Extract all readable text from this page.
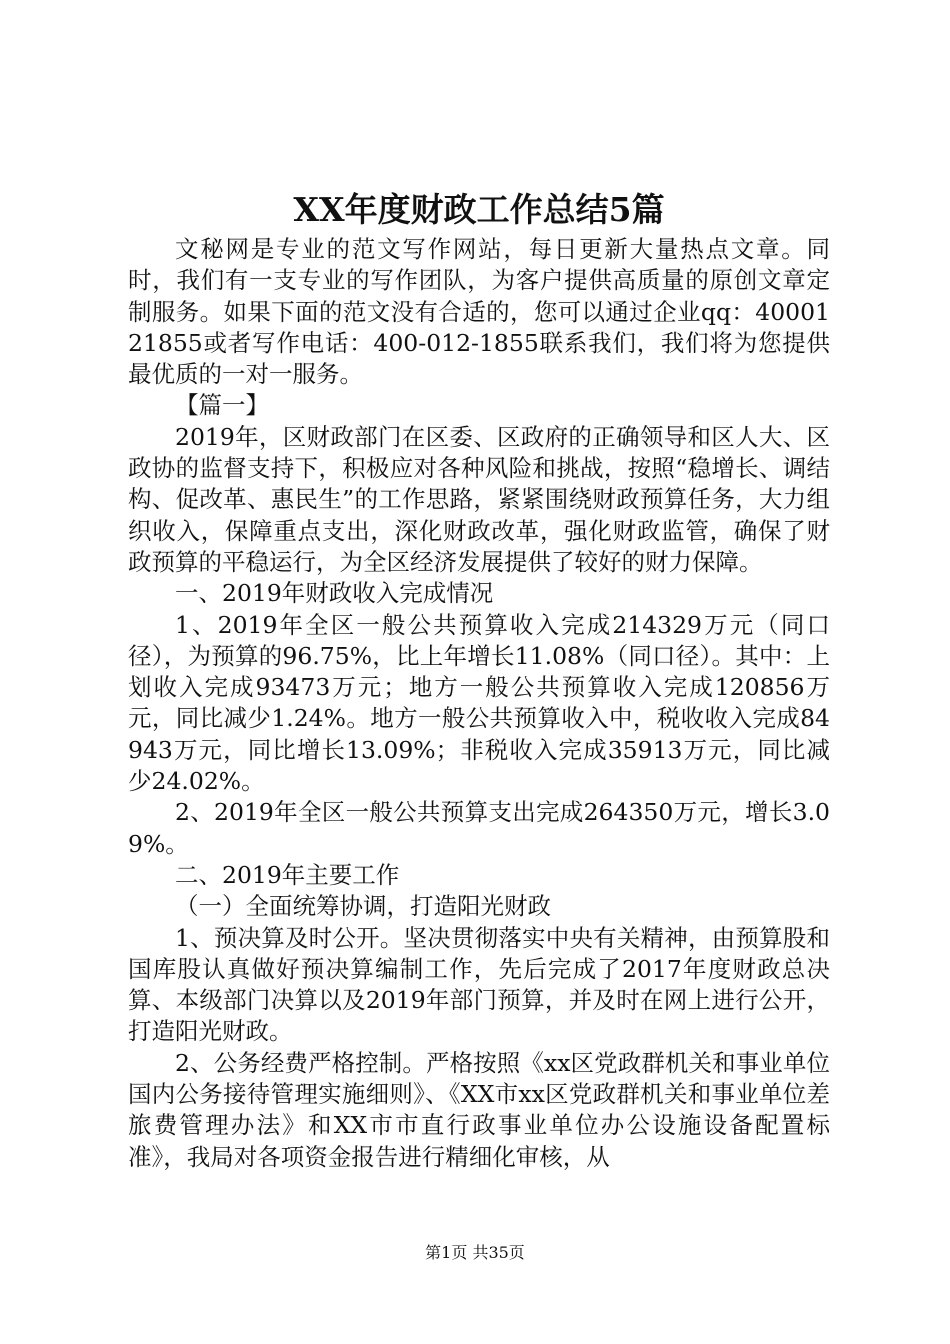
XX年度财政工作总结5篇

文秘网是专业的范文写作网站，每日更新大量热点文章。同时，我们有一支专业的写作团队，为客户提供高质量的原创文章定制服务。如果下面的范文没有合适的，您可以通过企业qq：4000121855或者写作电话：400-012-1855联系我们，我们将为您提供最优质的一对一服务。

【篇一】

2019年，区财政部门在区委、区政府的正确领导和区人大、区政协的监督支持下，积极应对各种风险和挑战，按照“稳增长、调结构、促改革、惠民生”的工作思路，紧紧围绕财政预算任务，大力组织收入，保障重点支出，深化财政改革，强化财政监管，确保了财政预算的平稳运行，为全区经济发展提供了较好的财力保障。

一、2019年财政收入完成情况

1、2019年全区一般公共预算收入完成214329万元（同口径），为预算的96.75%，比上年增长11.08%（同口径）。其中：上划收入完成93473万元；地方一般公共预算收入完成120856万元，同比减少1.24%。地方一般公共预算收入中，税收收入完成84943万元，同比增长13.09%；非税收入完成35913万元，同比减少24.02%。

2、2019年全区一般公共预算支出完成264350万元，增长3.09%。

二、2019年主要工作

（一）全面统筹协调，打造阳光财政

1、预决算及时公开。坚决贯彻落实中央有关精神，由预算股和国库股认真做好预决算编制工作，先后完成了2017年度财政总决算、本级部门决算以及2019年部门预算，并及时在网上进行公开，打造阳光财政。

2、公务经费严格控制。严格按照《xx区党政群机关和事业单位国内公务接待管理实施细则》、《XX市xx区党政群机关和事业单位差旅费管理办法》和XX市市直行政事业单位办公设施设备配置标准》，我局对各项资金报告进行精细化审核，从

第1页 共35页
